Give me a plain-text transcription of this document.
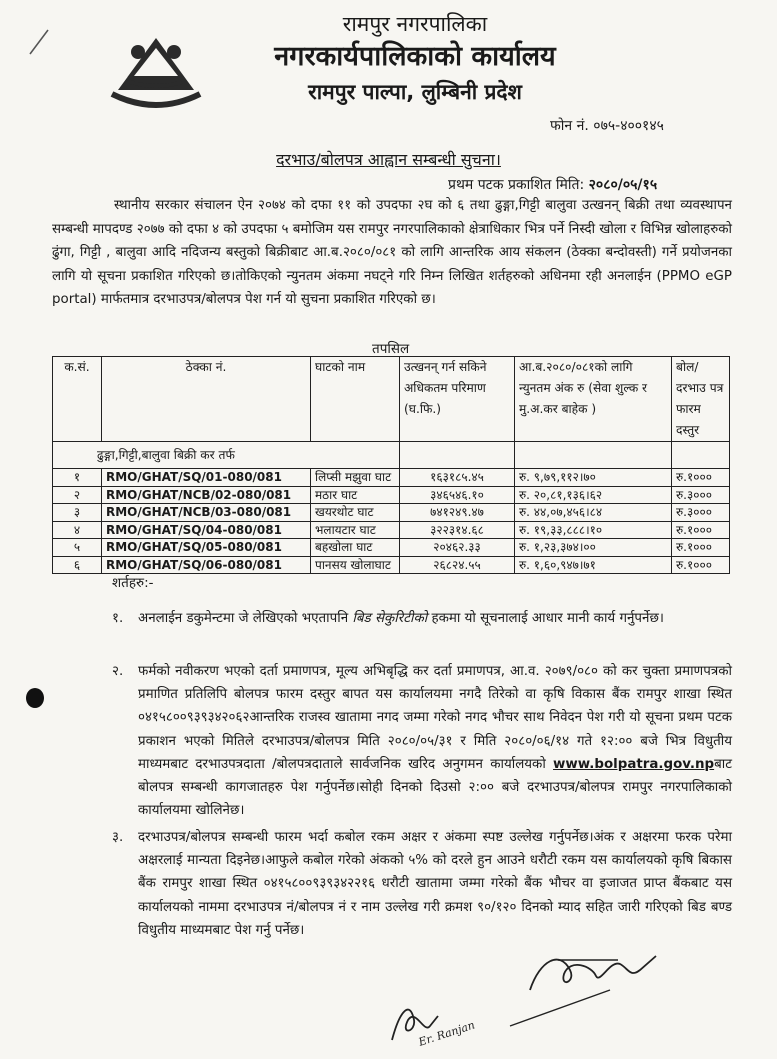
रामपुर नगरपालिका
नगरकार्यपालिकाको कार्यालय
रामपुर पाल्पा, लुम्बिनी प्रदेश
फोन नं. ०७५-४००१४५
दरभाउ/बोलपत्र आह्वान सम्बन्धी सुचना।
प्रथम पटक प्रकाशित मिति: २०८०/०५/१५
स्थानीय सरकार संचालन ऐन २०७४ को दफा ११ को उपदफा २घ को ६ तथा ढुङ्गा,गिट्टी बालुवा उत्खनन् बिक्री तथा व्यवस्थापन सम्बन्धी मापदण्ड २०७७ को दफा ४ को उपदफा ५ बमोजिम यस रामपुर नगरपालिकाको क्षेत्राधिकार भित्र पर्ने निस्दी खोला र विभिन्न खोलाहरुको ढुंगा, गिट्टी , बालुवा आदि नदिजन्य बस्तुको बिक्रीबाट आ.ब.२०८०/०८१ को लागि आन्तरिक आय संकलन (ठेक्का बन्दोवस्ती) गर्ने प्रयोजनका लागि यो सूचना प्रकाशित गरिएको छ।तोकिएको न्युनतम अंकमा नघट्ने गरि निम्न लिखित शर्तहरुको अधिनमा रही अनलाईन (PPMO eGP portal) मार्फतमात्र दरभाउपत्र/बोलपत्र पेश गर्न यो सुचना प्रकाशित गरिएको छ।
तपसिल
क.सं.	ठेक्का नं.	घाटको नाम	उत्खनन् गर्न सकिने अधिकतम परिमाण (घ.फि.)	आ.ब.२०८०/०८१को लागि न्युनतम अंक रु (सेवा शुल्क र मु.अ.कर बाहेक )	बोल/दरभाउ पत्र फारम दस्तुर
ढुङ्गा,गिट्टी,बालुवा बिक्री कर तर्फ					
१	RMO/GHAT/SQ/01-080/081	लिप्सी मझुवा घाट	१६३१८५.४५	रु. ९,७९,११२।७०	रु.१०००
२	RMO/GHAT/NCB/02-080/081	मठार घाट	३४६५४६.१०	रु. २०,८१,१३६।६२	रु.३०००
३	RMO/GHAT/NCB/03-080/081	खयरथोट घाट	७४१२४९.४७	रु. ४४,०७,४५६।८४	रु.३०००
४	RMO/GHAT/SQ/04-080/081	भलायटार घाट	३२२३१४.६८	रु. १९,३३,८८८।१०	रु.१०००
५	RMO/GHAT/SQ/05-080/081	बहखोला घाट	२०४६२.३३	रु. १,२३,३७४।००	रु.१०००
६	RMO/GHAT/SQ/06-080/081	पानसय खोलाघाट	२६८२४.५५	रु. १,६०,९४७।७१	रु.१०००
शर्तहरु:-
१. अनलाईन डकुमेन्टमा जे लेखिएको भएतापनि बिड सेकुरिटीको हकमा यो सूचनालाई आधार मानी कार्य गर्नुपर्नेछ।
२. फर्मको नवीकरण भएको दर्ता प्रमाणपत्र, मूल्य अभिबृद्धि कर दर्ता प्रमाणपत्र, आ.व. २०७९/०८० को कर चुक्ता प्रमाणपत्रको प्रमाणित प्रतिलिपि बोलपत्र फारम दस्तुर बापत यस कार्यालयमा नगदै तिरेको वा कृषि विकास बैंक रामपुर शाखा स्थित ०४१५८००९३९३४२०६२आन्तरिक राजस्व खातामा नगद जम्मा गरेको नगद भौचर साथ निवेदन पेश गरी यो सूचना प्रथम पटक प्रकाशन भएको मितिले दरभाउपत्र/बोलपत्र मिति २०८०/०५/३१ र मिति २०८०/०६/१४ गते १२:०० बजे भित्र विधुतीय माध्यमबाट दरभाउपत्रदाता /बोलपत्रदाताले सार्वजनिक खरिद अनुगमन कार्यालयको www.bolpatra.gov.npबाट बोलपत्र सम्बन्धी कागजातहरु पेश गर्नुपर्नेछ।सोही दिनको दिउसो २:०० बजे दरभाउपत्र/बोलपत्र रामपुर नगरपालिकाको कार्यालयमा खोलिनेछ।
३. दरभाउपत्र/बोलपत्र सम्बन्धी फारम भर्दा कबोल रकम अक्षर र अंकमा स्पष्ट उल्लेख गर्नुपर्नेछ।अंक र अक्षरमा फरक परेमा अक्षरलाई मान्यता दिइनेछ।आफुले कबोल गरेको अंकको ५% को दरले हुन आउने धरौटी रकम यस कार्यालयको कृषि बिकास बैंक रामपुर शाखा स्थित ०४१५८००९३९३४२२१६ धरौटी खातामा जम्मा गरेको बैंक भौचर वा इजाजत प्राप्त बैंकबाट यस कार्यालयको नाममा दरभाउपत्र नं/बोलपत्र नं र नाम उल्लेख गरी क्रमश ९०/१२० दिनको म्याद सहित जारी गरिएको बिड बण्ड विधुतीय माध्यमबाट पेश गर्नु पर्नेछ।
Er. Ranjan
